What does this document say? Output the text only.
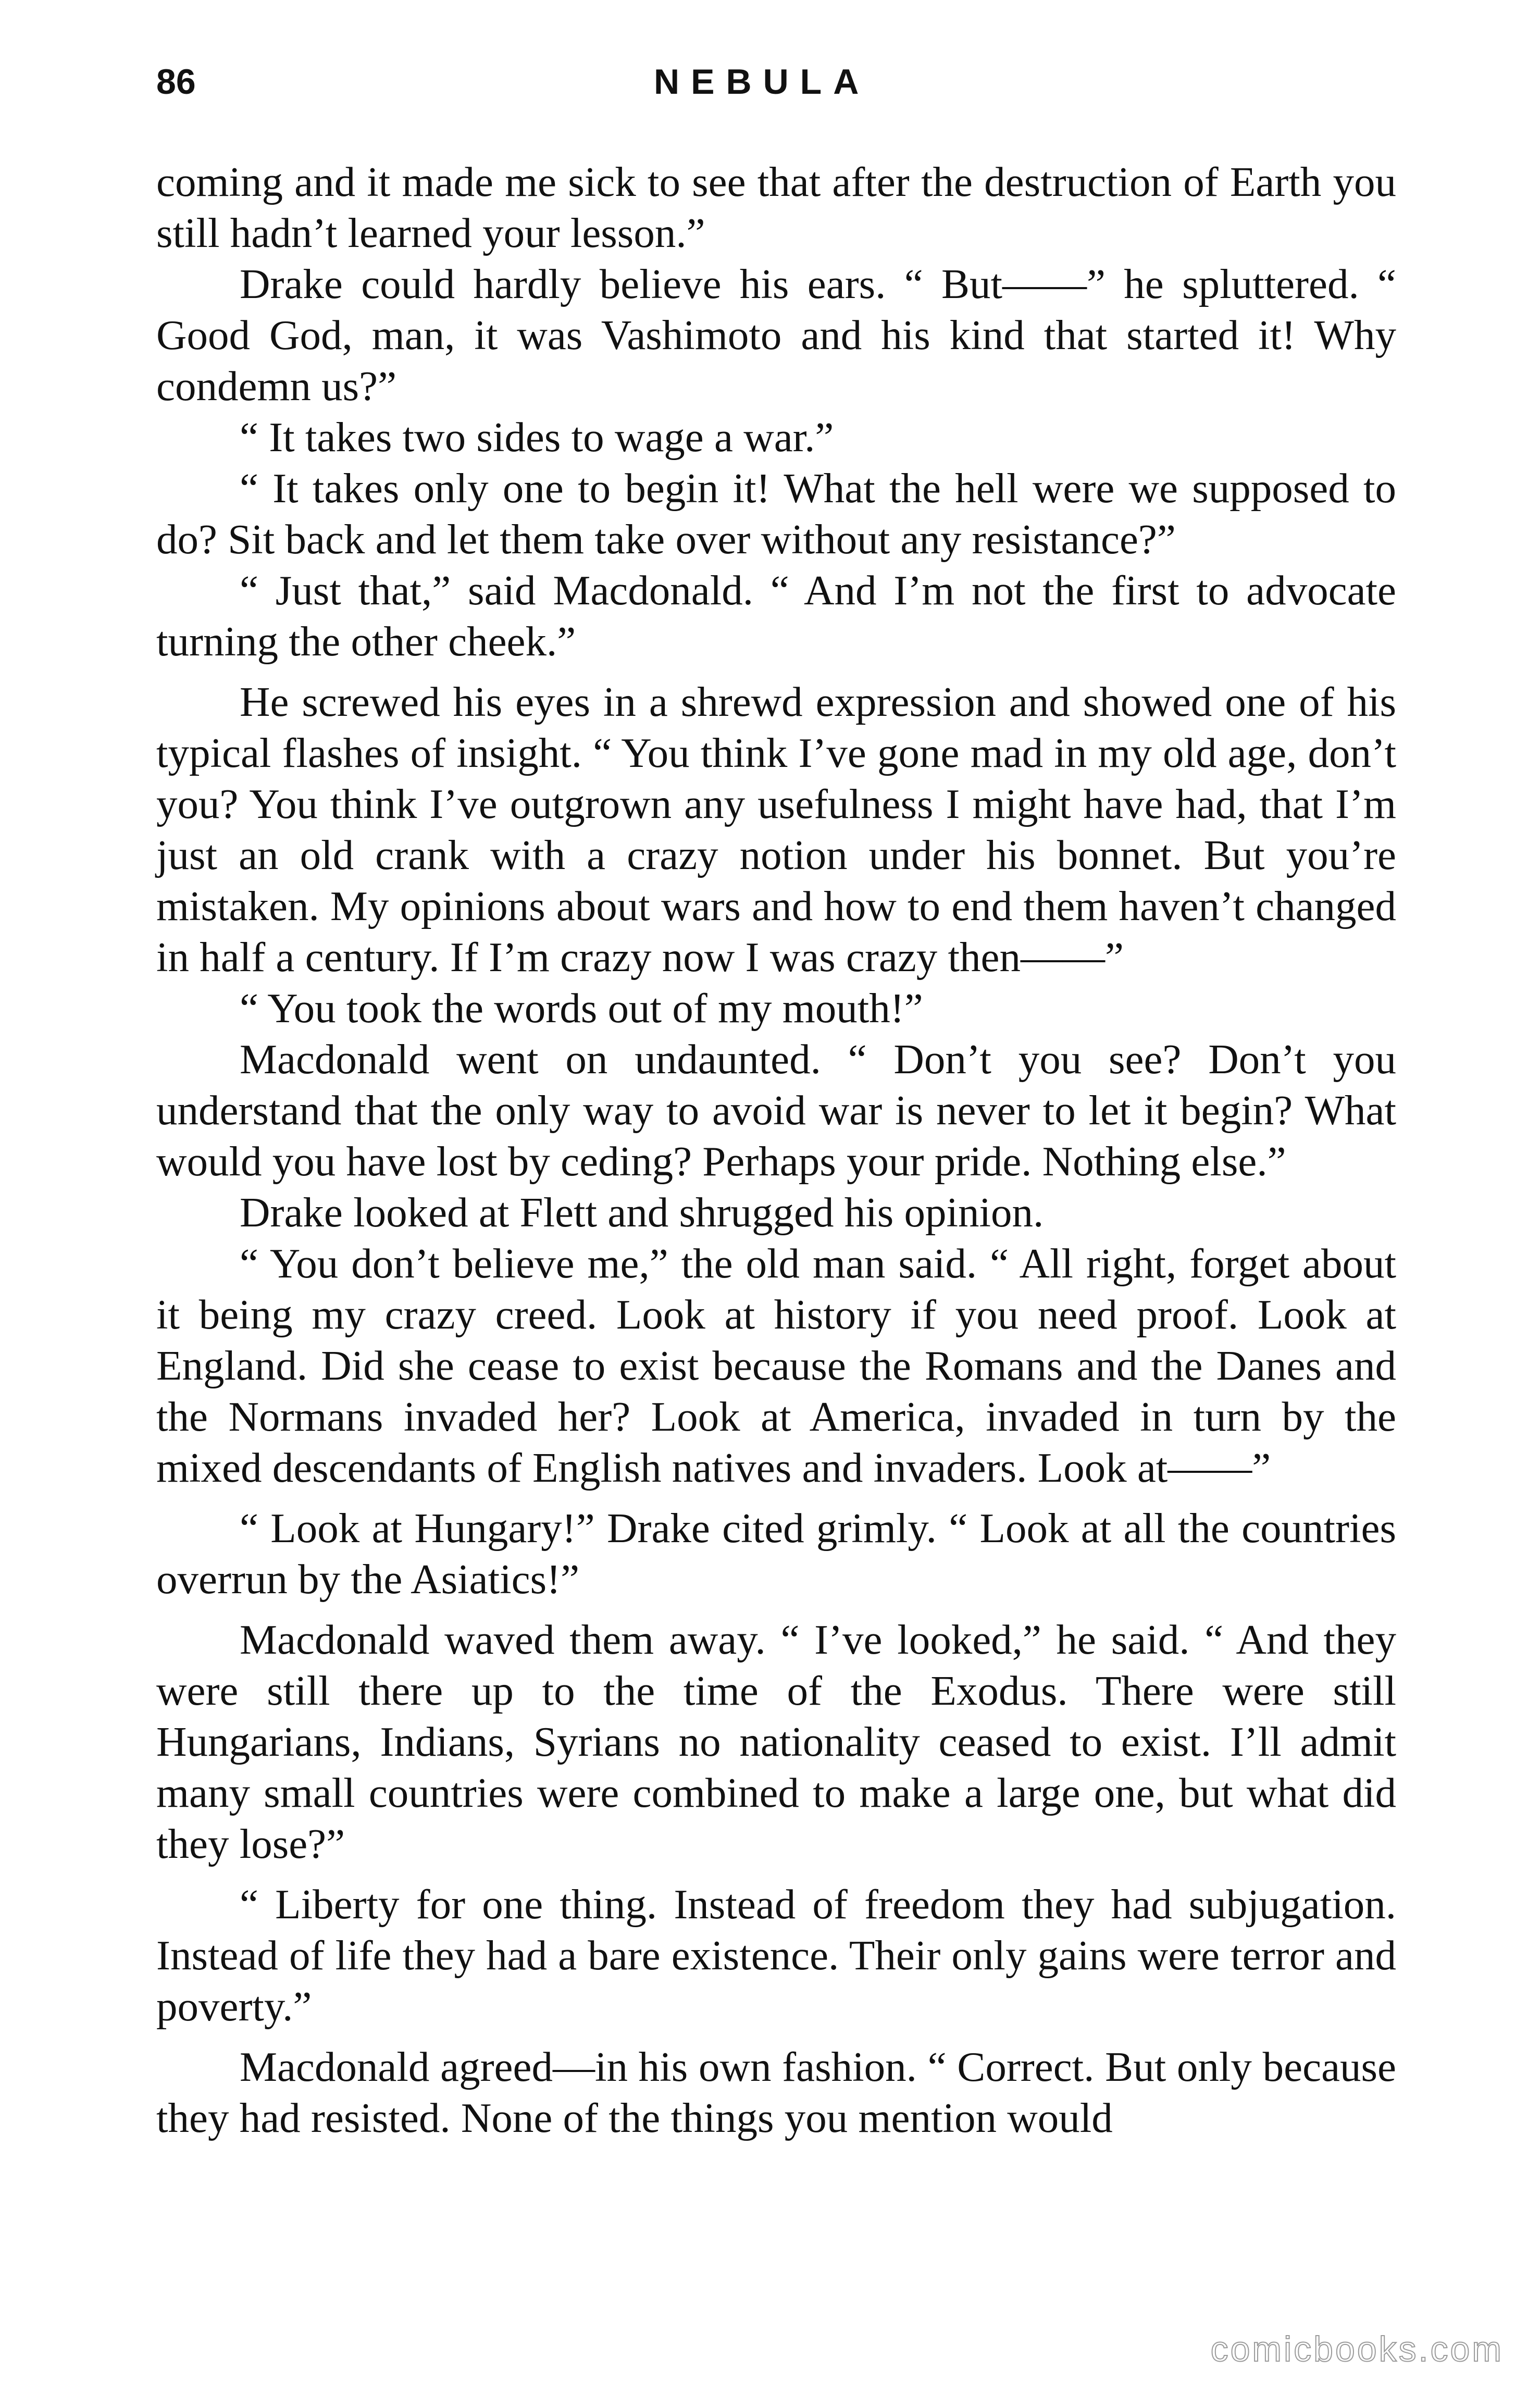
86	NEBULA

coming and it made me sick to see that after the destruction of Earth you still hadn’t learned your lesson.”

Drake could hardly believe his ears. “ But——” he spluttered. “ Good God, man, it was Vashimoto and his kind that started it! Why condemn us?”

“ It takes two sides to wage a war.”

“ It takes only one to begin it! What the hell were we supposed to do? Sit back and let them take over without any resistance?”

“ Just that,” said Macdonald. “ And I’m not the first to advocate turning the other cheek.”

He screwed his eyes in a shrewd expression and showed one of his typical flashes of insight. “ You think I’ve gone mad in my old age, don’t you? You think I’ve outgrown any usefulness I might have had, that I’m just an old crank with a crazy notion under his bonnet. But you’re mistaken. My opinions about wars and how to end them haven’t changed in half a century. If I’m crazy now I was crazy then——”

“ You took the words out of my mouth!”

Macdonald went on undaunted. “ Don’t you see? Don’t you understand that the only way to avoid war is never to let it begin? What would you have lost by ceding? Perhaps your pride. Nothing else.”

Drake looked at Flett and shrugged his opinion.

“ You don’t believe me,” the old man said. “ All right, forget about it being my crazy creed. Look at history if you need proof. Look at England. Did she cease to exist because the Romans and the Danes and the Normans invaded her? Look at America, invaded in turn by the mixed descendants of English natives and invaders. Look at——”

“ Look at Hungary!” Drake cited grimly. “ Look at all the countries overrun by the Asiatics!”

Macdonald waved them away. “ I’ve looked,” he said. “ And they were still there up to the time of the Exodus. There were still Hungarians, Indians, Syrians no nationality ceased to exist. I’ll admit many small countries were combined to make a large one, but what did they lose?”

“ Liberty for one thing. Instead of freedom they had subjugation. Instead of life they had a bare existence. Their only gains were terror and poverty.”

Macdonald agreed—in his own fashion. “ Correct. But only because they had resisted. None of the things you mention would

comicbooks.com
